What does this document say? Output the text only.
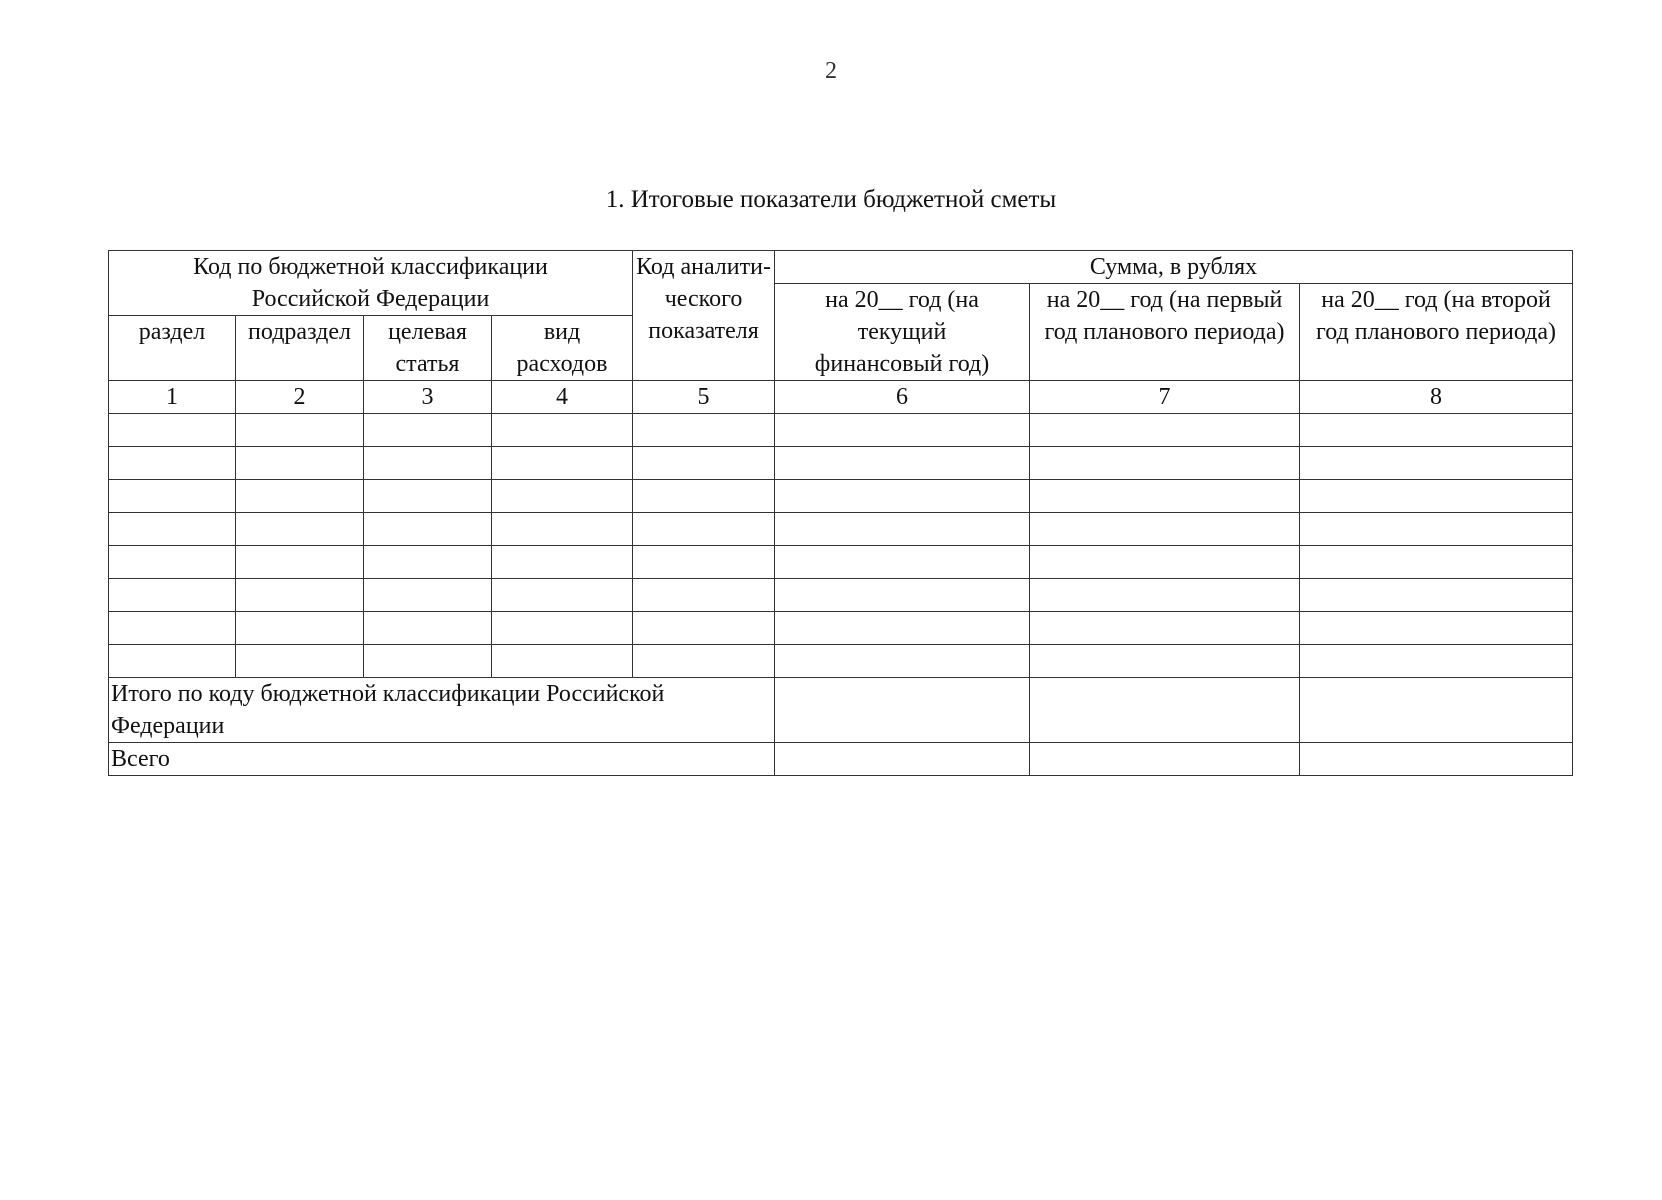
2
1. Итоговые показатели бюджетной сметы
Код по бюджетной классификации Российской Федерации				Код аналити-ческого показателя	Сумма, в рублях		
					на 20__ год (на текущий финансовый год)	на 20__ год (на первый год планового периода)	на 20__ год (на второй год планового периода)
раздел	подраздел	целевая статья	вид расходов				

1	2	3	4	5	6	7	8

Итого по коду бюджетной классификации Российской Федерации							
Всего							
